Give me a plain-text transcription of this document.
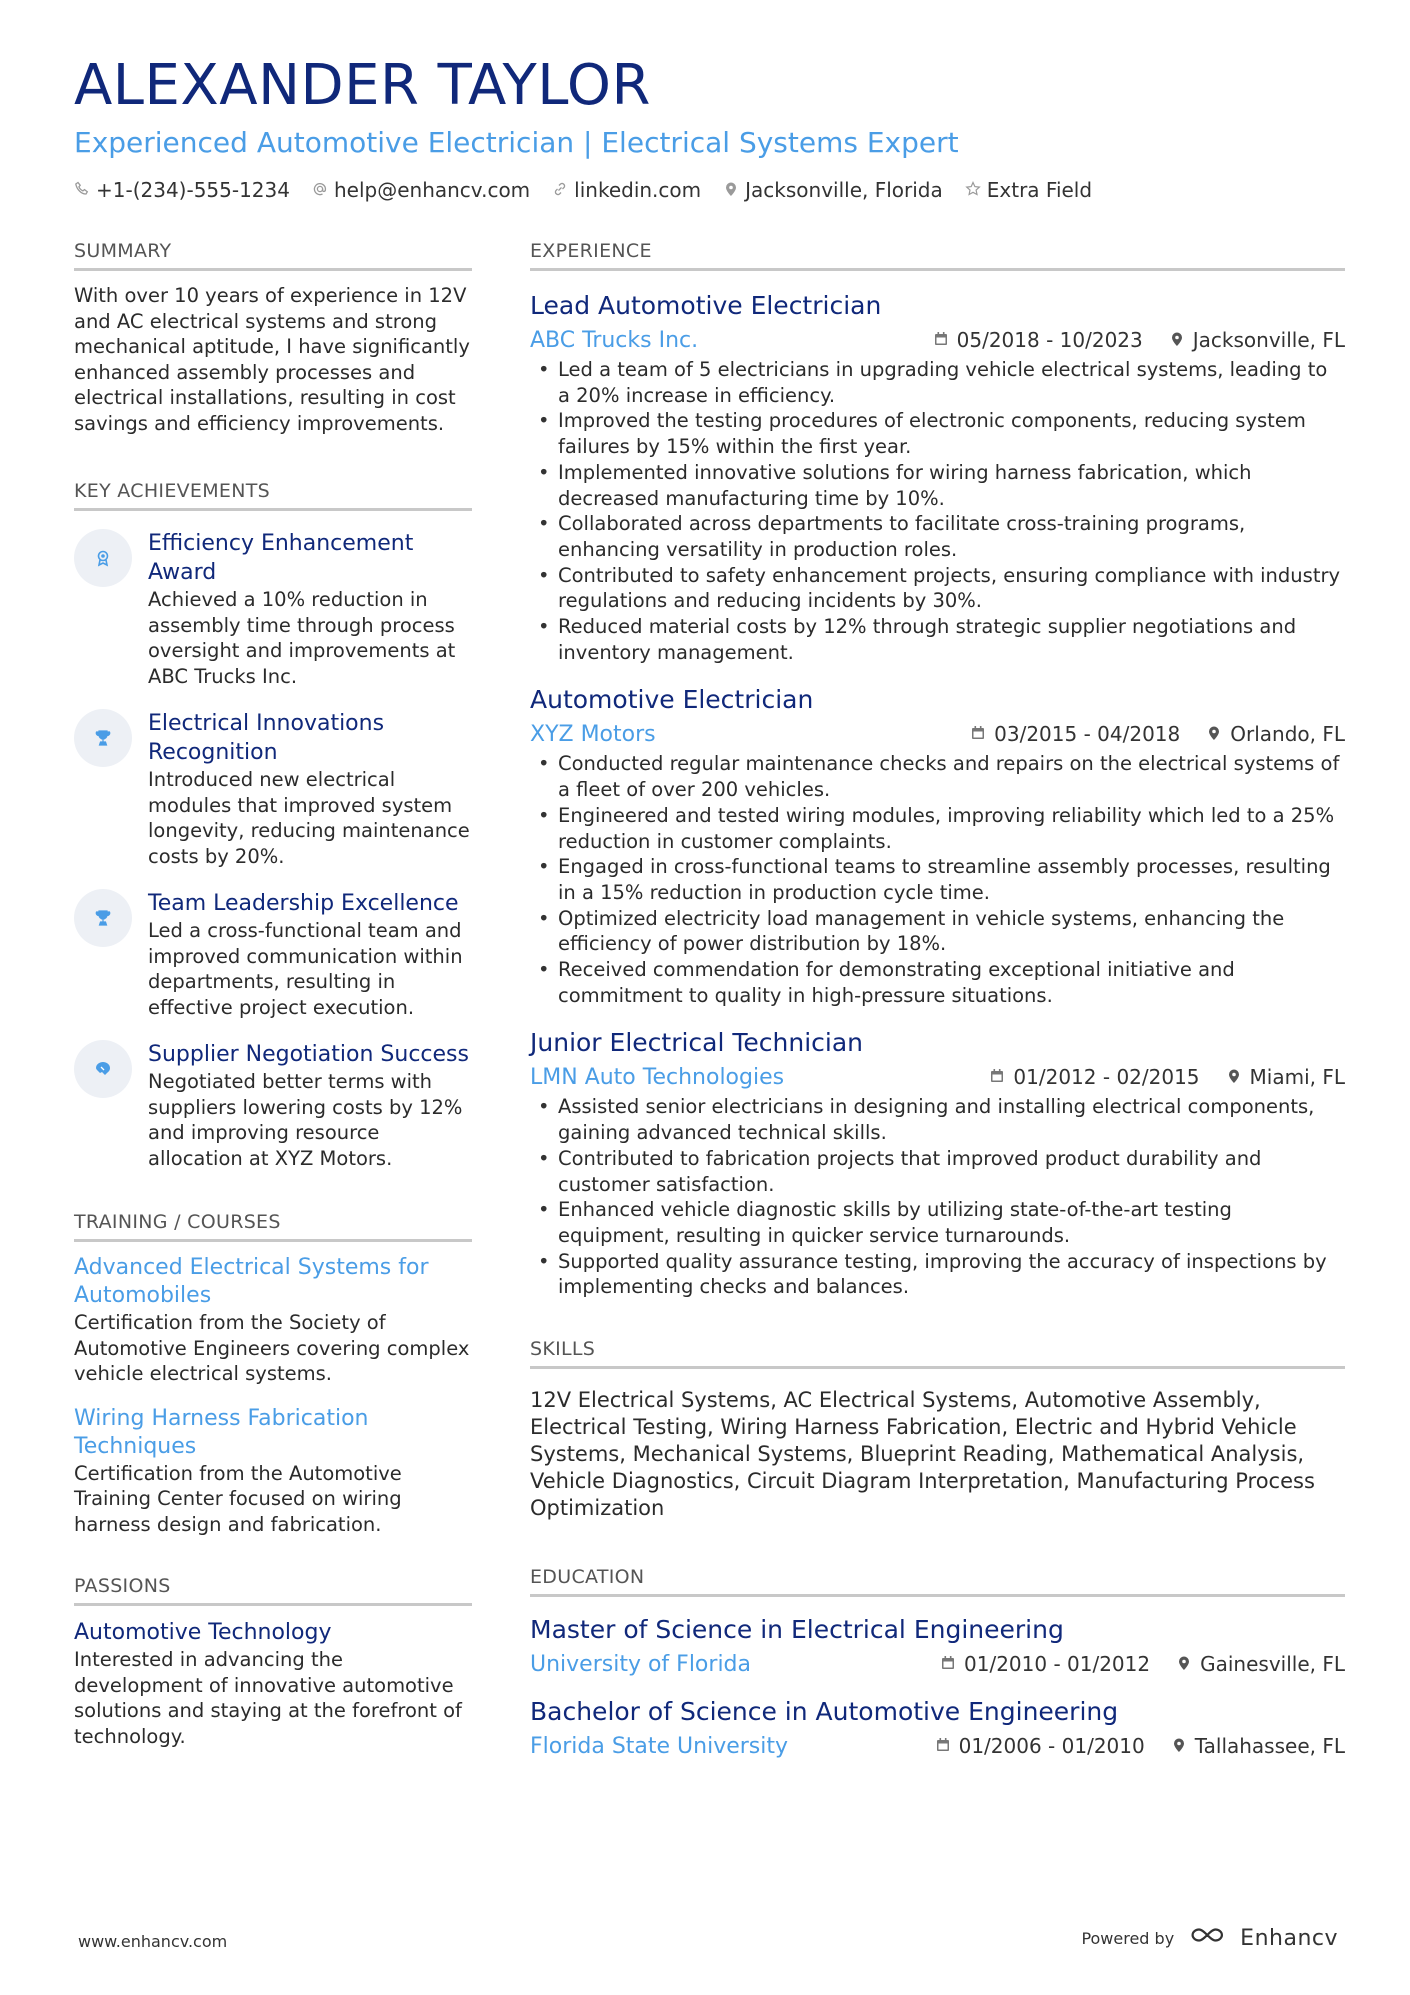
ALEXANDER TAYLOR
Experienced Automotive Electrician | Electrical Systems Expert
+1-(234)-555-1234 help@enhancv.com linkedin.com Jacksonville, Florida Extra Field
SUMMARY
With over 10 years of experience in 12V and AC electrical systems and strong mechanical aptitude, I have significantly enhanced assembly processes and electrical installations, resulting in cost savings and efficiency improvements.
KEY ACHIEVEMENTS
Efficiency Enhancement Award
Achieved a 10% reduction in assembly time through process oversight and improvements at ABC Trucks Inc.
Electrical Innovations Recognition
Introduced new electrical modules that improved system longevity, reducing maintenance costs by 20%.
Team Leadership Excellence
Led a cross-functional team and improved communication within departments, resulting in effective project execution.
Supplier Negotiation Success
Negotiated better terms with suppliers lowering costs by 12% and improving resource allocation at XYZ Motors.
TRAINING / COURSES
Advanced Electrical Systems for Automobiles
Certification from the Society of Automotive Engineers covering complex vehicle electrical systems.
Wiring Harness Fabrication Techniques
Certification from the Automotive Training Center focused on wiring harness design and fabrication.
PASSIONS
Automotive Technology
Interested in advancing the development of innovative automotive solutions and staying at the forefront of technology.
EXPERIENCE
Lead Automotive Electrician
ABC Trucks Inc.	05/2018 - 10/2023	Jacksonville, FL
• Led a team of 5 electricians in upgrading vehicle electrical systems, leading to a 20% increase in efficiency.
• Improved the testing procedures of electronic components, reducing system failures by 15% within the first year.
• Implemented innovative solutions for wiring harness fabrication, which decreased manufacturing time by 10%.
• Collaborated across departments to facilitate cross-training programs, enhancing versatility in production roles.
• Contributed to safety enhancement projects, ensuring compliance with industry regulations and reducing incidents by 30%.
• Reduced material costs by 12% through strategic supplier negotiations and inventory management.
Automotive Electrician
XYZ Motors	03/2015 - 04/2018	Orlando, FL
• Conducted regular maintenance checks and repairs on the electrical systems of a fleet of over 200 vehicles.
• Engineered and tested wiring modules, improving reliability which led to a 25% reduction in customer complaints.
• Engaged in cross-functional teams to streamline assembly processes, resulting in a 15% reduction in production cycle time.
• Optimized electricity load management in vehicle systems, enhancing the efficiency of power distribution by 18%.
• Received commendation for demonstrating exceptional initiative and commitment to quality in high-pressure situations.
Junior Electrical Technician
LMN Auto Technologies	01/2012 - 02/2015	Miami, FL
• Assisted senior electricians in designing and installing electrical components, gaining advanced technical skills.
• Contributed to fabrication projects that improved product durability and customer satisfaction.
• Enhanced vehicle diagnostic skills by utilizing state-of-the-art testing equipment, resulting in quicker service turnarounds.
• Supported quality assurance testing, improving the accuracy of inspections by implementing checks and balances.
SKILLS
12V Electrical Systems, AC Electrical Systems, Automotive Assembly, Electrical Testing, Wiring Harness Fabrication, Electric and Hybrid Vehicle Systems, Mechanical Systems, Blueprint Reading, Mathematical Analysis, Vehicle Diagnostics, Circuit Diagram Interpretation, Manufacturing Process Optimization
EDUCATION
Master of Science in Electrical Engineering
University of Florida	01/2010 - 01/2012	Gainesville, FL
Bachelor of Science in Automotive Engineering
Florida State University	01/2006 - 01/2010	Tallahassee, FL
www.enhancv.com	Powered by	Enhancv
